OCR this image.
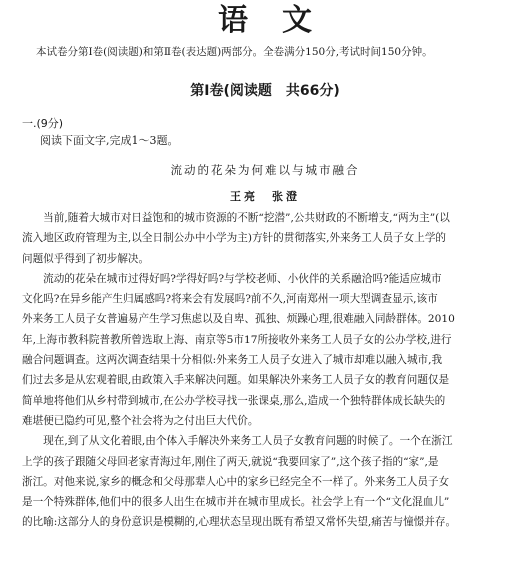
语文

本试卷分第Ⅰ卷(阅读题)和第Ⅱ卷(表达题)两部分。全卷满分150分,考试时间150分钟。

第Ⅰ卷(阅读题　共66分)
一.(9分)
阅读下面文字,完成1～3题。
流动的花朵为何难以与城市融合
王亮　张澄
　　当前,随着大城市对日益饱和的城市资源的不断“挖潜”,公共财政的不断增支,“两为主”(以
流入地区政府管理为主,以全日制公办中小学为主)方针的贯彻落实,外来务工人员子女上学的
问题似乎得到了初步解决。
　　流动的花朵在城市过得好吗?学得好吗?与学校老师、小伙伴的关系融洽吗?能适应城市
文化吗?在异乡能产生归属感吗?将来会有发展吗?前不久,河南郑州一项大型调查显示,该市
外来务工人员子女普遍易产生学习焦虑以及自卑、孤独、烦躁心理,很难融入同龄群体。2010
年,上海市教科院普教所曾选取上海、南京等5市17所接收外来务工人员子女的公办学校,进行
融合问题调查。这两次调查结果十分相似:外来务工人员子女进入了城市却难以融入城市,我
们过去多是从宏观着眼,由政策入手来解决问题。如果解决外来务工人员子女的教育问题仅是
简单地将他们从乡村带到城市,在公办学校寻找一张课桌,那么,造成一个独特群体成长缺失的
难堪便已隐约可见,整个社会将为之付出巨大代价。
　　现在,到了从文化着眼,由个体入手解决外来务工人员子女教育问题的时候了。一个在浙江
上学的孩子跟随父母回老家青海过年,刚住了两天,就说“我要回家了”,这个孩子指的“家”,是
浙江。对他来说,家乡的概念和父母那辈人心中的家乡已经完全不一样了。外来务工人员子女
是一个特殊群体,他们中的很多人出生在城市并在城市里成长。社会学上有一个“文化混血儿”
的比喻:这部分人的身份意识是模糊的,心理状态呈现出既有希望又常怀失望,痛苦与憧憬并存。
